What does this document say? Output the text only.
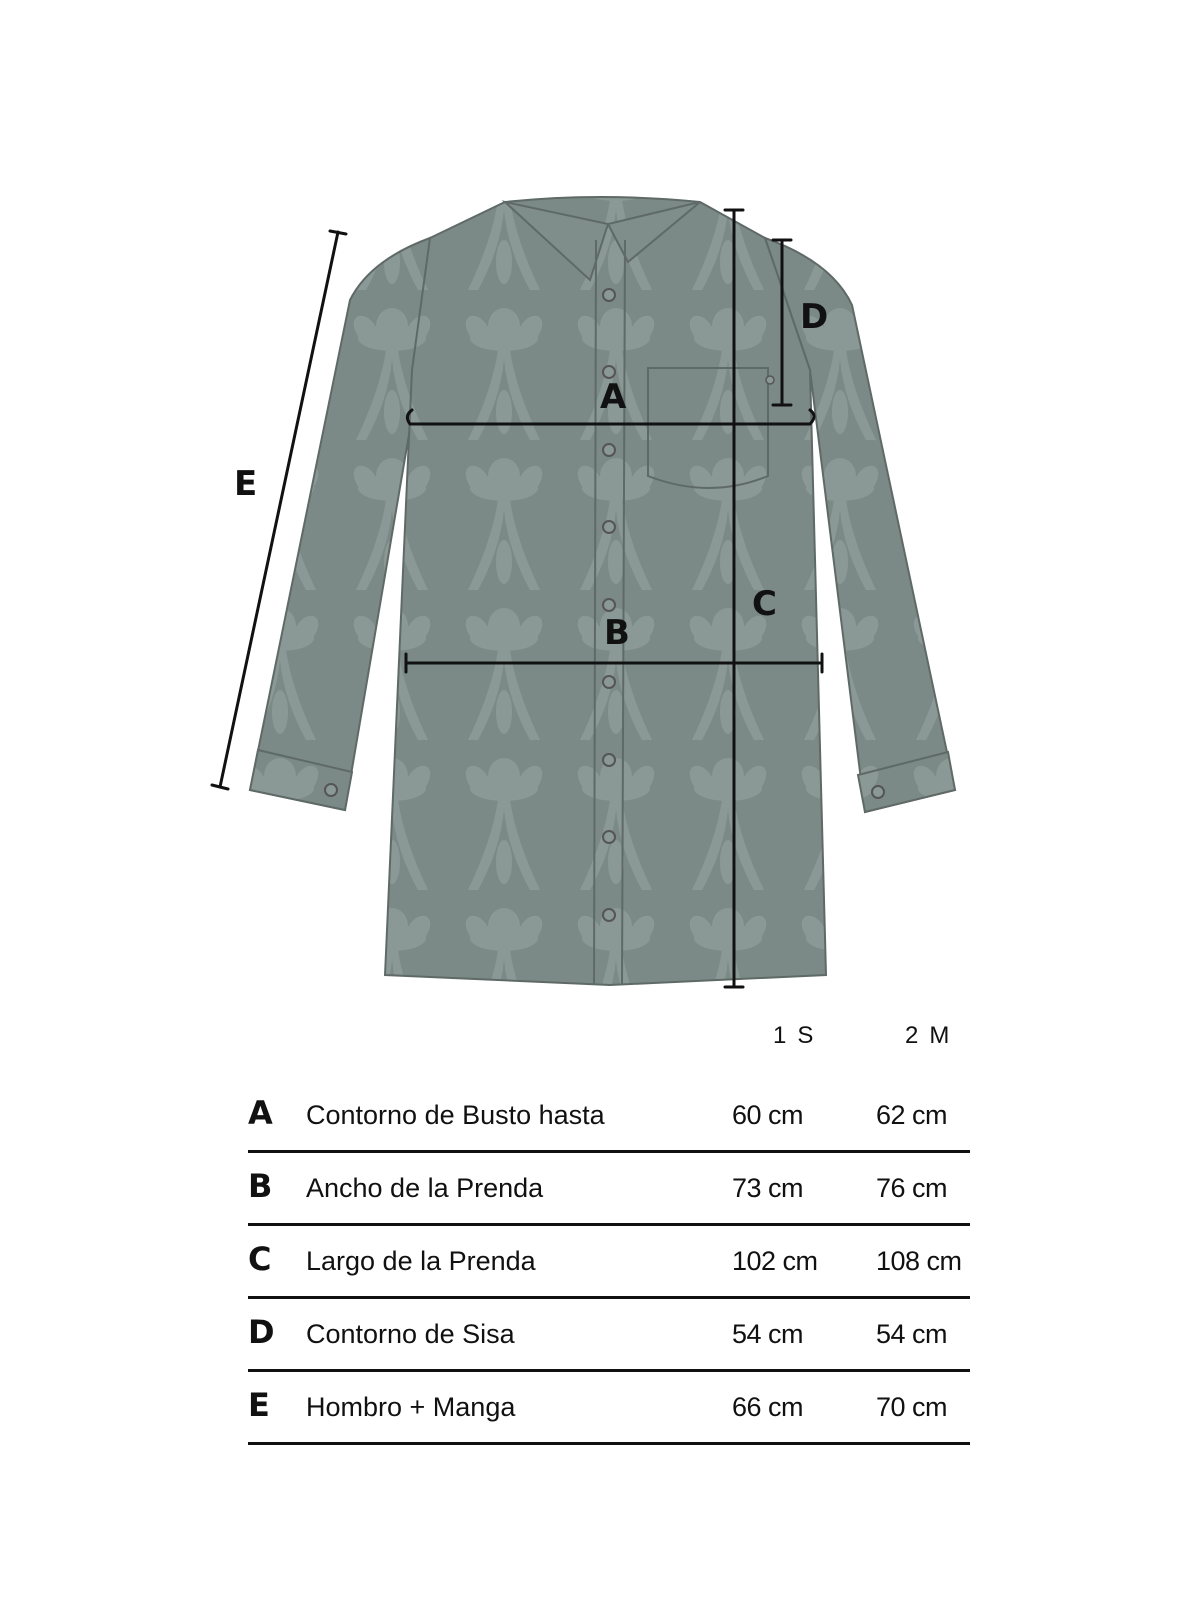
A
B
C
D
E
1 S	2 M
A Contorno de Busto hasta	60 cm	62 cm
B Ancho de la Prenda	73 cm	76 cm
C Largo de la Prenda	102 cm 108 cm
D Contorno de Sisa	54 cm	54 cm
E Hombro + Manga	66 cm	70 cm
